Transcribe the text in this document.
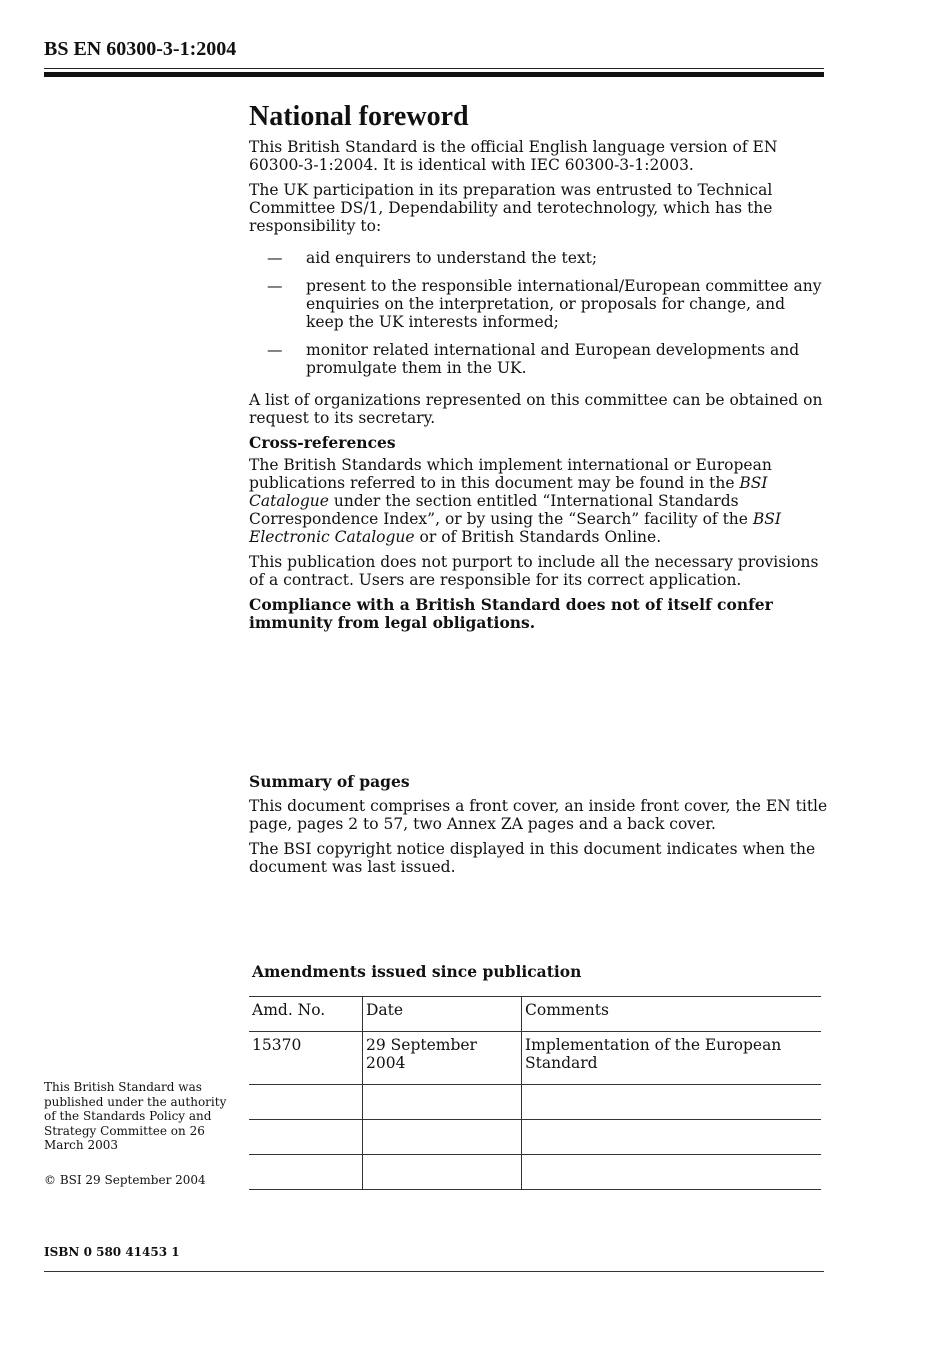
BS EN 60300-3-1:2004
National foreword

This British Standard is the official English language version of EN 60300-3-1:2004. It is identical with IEC 60300-3-1:2003.

The UK participation in its preparation was entrusted to Technical Committee DS/1, Dependability and terotechnology, which has the responsibility to:

— aid enquirers to understand the text;
— present to the responsible international/European committee any enquiries on the interpretation, or proposals for change, and keep the UK interests informed;
— monitor related international and European developments and promulgate them in the UK.

A list of organizations represented on this committee can be obtained on request to its secretary.

Cross-references

The British Standards which implement international or European publications referred to in this document may be found in the BSI Catalogue under the section entitled “International Standards Correspondence Index”, or by using the “Search” facility of the BSI Electronic Catalogue or of British Standards Online.

This publication does not purport to include all the necessary provisions of a contract. Users are responsible for its correct application.

Compliance with a British Standard does not of itself confer immunity from legal obligations.

Summary of pages

This document comprises a front cover, an inside front cover, the EN title page, pages 2 to 57, two Annex ZA pages and a back cover.

The BSI copyright notice displayed in this document indicates when the document was last issued.

Amendments issued since publication
Amd. No.	Date	Comments
15370	29 September 2004	Implementation of the European Standard

This British Standard was published under the authority of the Standards Policy and Strategy Committee on 26 March 2003

© BSI 29 September 2004

ISBN 0 580 41453 1
